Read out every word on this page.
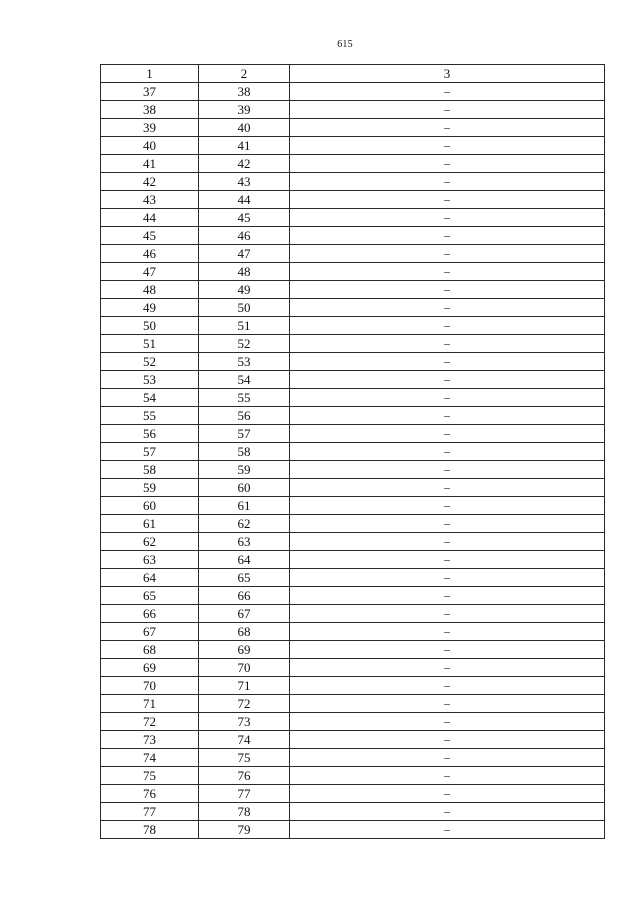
615
1	2	3
37	38	–
38	39	–
39	40	–
40	41	–
41	42	–
42	43	–
43	44	–
44	45	–
45	46	–
46	47	–
47	48	–
48	49	–
49	50	–
50	51	–
51	52	–
52	53	–
53	54	–
54	55	–
55	56	–
56	57	–
57	58	–
58	59	–
59	60	–
60	61	–
61	62	–
62	63	–
63	64	–
64	65	–
65	66	–
66	67	–
67	68	–
68	69	–
69	70	–
70	71	–
71	72	–
72	73	–
73	74	–
74	75	–
75	76	–
76	77	–
77	78	–
78	79	–
